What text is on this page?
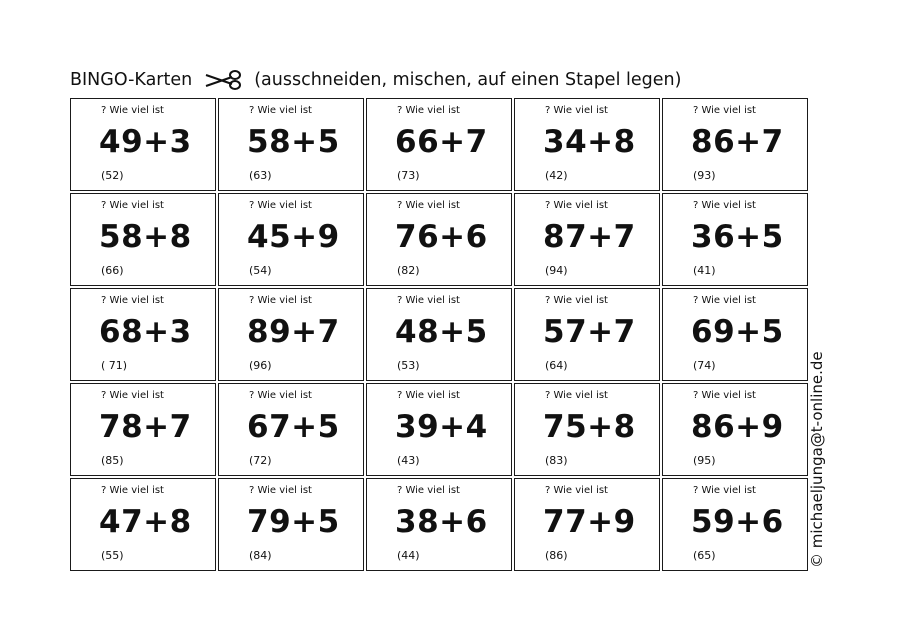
BINGO-Karten	(ausschneiden, mischen, auf einen Stapel legen)
? Wie viel ist
49+3
(52)
? Wie viel ist
58+5
(63)
? Wie viel ist
66+7
(73)
? Wie viel ist
34+8
(42)
? Wie viel ist
86+7
(93)
? Wie viel ist
58+8
(66)
? Wie viel ist
45+9
(54)
? Wie viel ist
76+6
(82)
? Wie viel ist
87+7
(94)
? Wie viel ist
36+5
(41)
? Wie viel ist
68+3
( 71)
? Wie viel ist
89+7
(96)
? Wie viel ist
48+5
(53)
? Wie viel ist
57+7
(64)
? Wie viel ist
69+5
(74)
? Wie viel ist
78+7
(85)
? Wie viel ist
67+5
(72)
? Wie viel ist
39+4
(43)
? Wie viel ist
75+8
(83)
? Wie viel ist
86+9
(95)
? Wie viel ist
47+8
(55)
? Wie viel ist
79+5
(84)
? Wie viel ist
38+6
(44)
? Wie viel ist
77+9
(86)
? Wie viel ist
59+6
(65)	© michaeljunga@t-online.de
